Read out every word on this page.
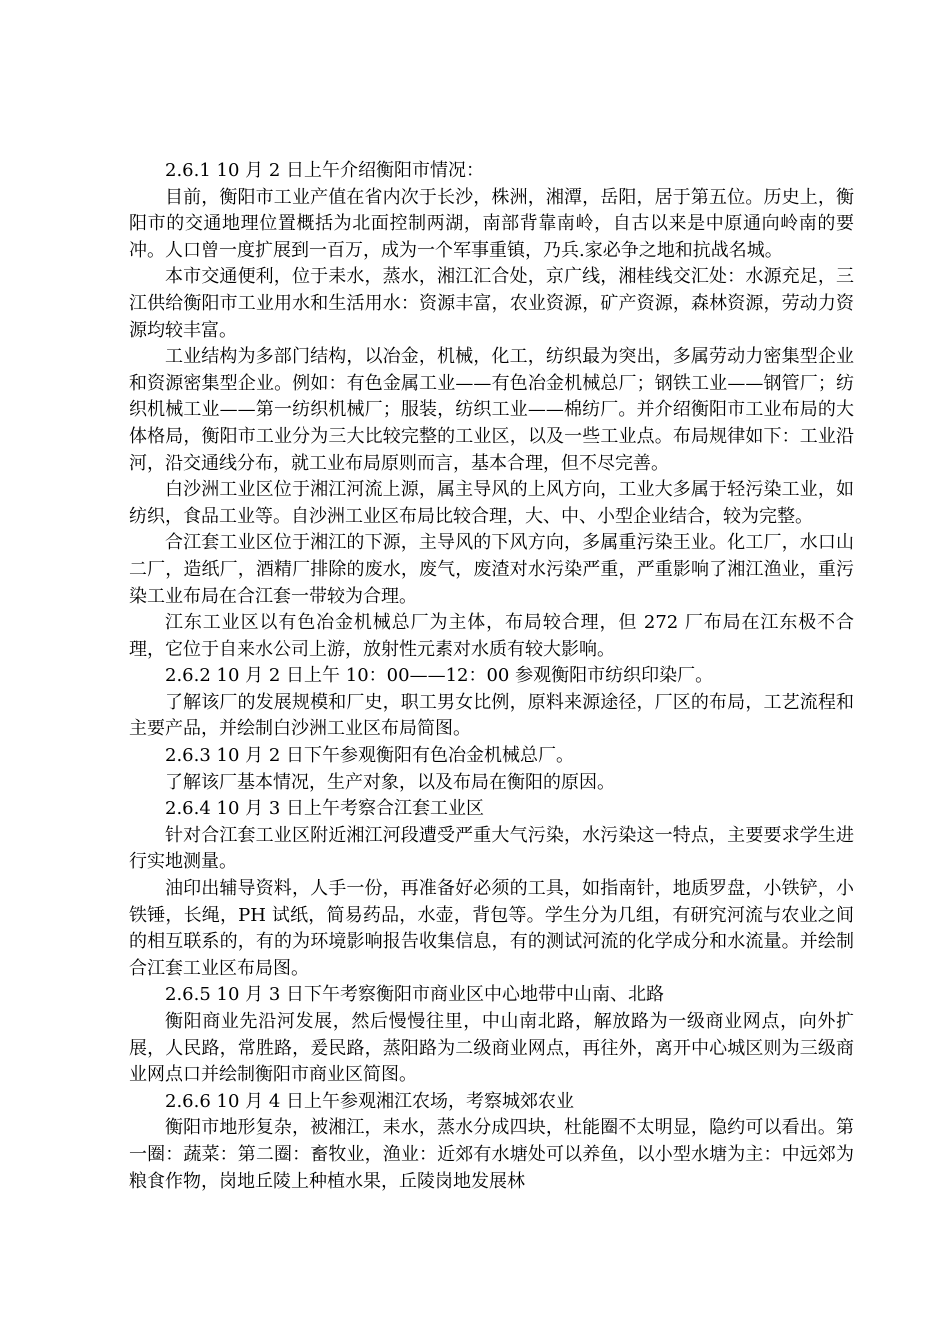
2.6.1 10 月 2 日上午介绍衡阳市情况：

目前，衡阳市工业产值在省内次于长沙，株洲，湘潭，岳阳，居于第五位。历史上，衡阳市的交通地理位置概括为北面控制两湖，南部背靠南岭，自古以来是中原通向岭南的要冲。人口曾一度扩展到一百万，成为一个军事重镇，乃兵.家必争之地和抗战名城。

本市交通便利，位于耒水，蒸水，湘江汇合处，京广线，湘桂线交汇处：水源充足，三江供给衡阳市工业用水和生活用水：资源丰富，农业资源，矿产资源，森林资源，劳动力资源均较丰富。

工业结构为多部门结构，以冶金，机械，化工，纺织最为突出，多属劳动力密集型企业和资源密集型企业。例如：有色金属工业——有色冶金机械总厂；钢铁工业——钢管厂；纺织机械工业——第一纺织机械厂；服装，纺织工业——棉纺厂。并介绍衡阳市工业布局的大体格局，衡阳市工业分为三大比较完整的工业区，以及一些工业点。布局规律如下：工业沿河，沿交通线分布，就工业布局原则而言，基本合理，但不尽完善。

白沙洲工业区位于湘江河流上源，属主导风的上风方向，工业大多属于轻污染工业，如纺织，食品工业等。自沙洲工业区布局比较合理，大、中、小型企业结合，较为完整。

合江套工业区位于湘江的下源，主导风的下风方向，多属重污染王业。化工厂，水口山二厂，造纸厂，酒精厂排除的废水，废气，废渣对水污染严重，严重影响了湘江渔业，重污染工业布局在合江套一带较为合理。

江东工业区以有色冶金机械总厂为主体，布局较合理，但 272 厂布局在江东极不合理，它位于自来水公司上游，放射性元素对水质有较大影响。

2.6.2 10 月 2 日上午 10：00——12：00 参观衡阳市纺织印染厂。

了解该厂的发展规模和厂史，职工男女比例，原料来源途径，厂区的布局，工艺流程和主要产品，并绘制白沙洲工业区布局简图。

2.6.3 10 月 2 日下午参观衡阳有色冶金机械总厂。

了解该厂基本情况，生产对象，以及布局在衡阳的原因。

2.6.4 10 月 3 日上午考察合江套工业区

针对合江套工业区附近湘江河段遭受严重大气污染，水污染这一特点，主要要求学生进行实地测量。

油印出辅导资料，人手一份，再准备好必须的工具，如指南针，地质罗盘，小铁铲，小铁锤，长绳，PH 试纸，简易药品，水壶，背包等。学生分为几组，有研究河流与农业之间的相互联系的，有的为环境影响报告收集信息，有的测试河流的化学成分和水流量。并绘制合江套工业区布局图。

2.6.5 10 月 3 日下午考察衡阳市商业区中心地带中山南、北路

衡阳商业先沿河发展，然后慢慢往里，中山南北路，解放路为一级商业网点，向外扩展，人民路，常胜路，爰民路，蒸阳路为二级商业网点，再往外，离开中心城区则为三级商业网点口并绘制衡阳市商业区简图。

2.6.6 10 月 4 日上午参观湘江农场，考察城郊农业

衡阳市地形复杂，被湘江，耒水，蒸水分成四块，杜能圈不太明显，隐约可以看出。第一圈：蔬菜：第二圈：畜牧业，渔业：近郊有水塘处可以养鱼，以小型水塘为主：中远郊为粮食作物，岗地丘陵上种植水果，丘陵岗地发展林
